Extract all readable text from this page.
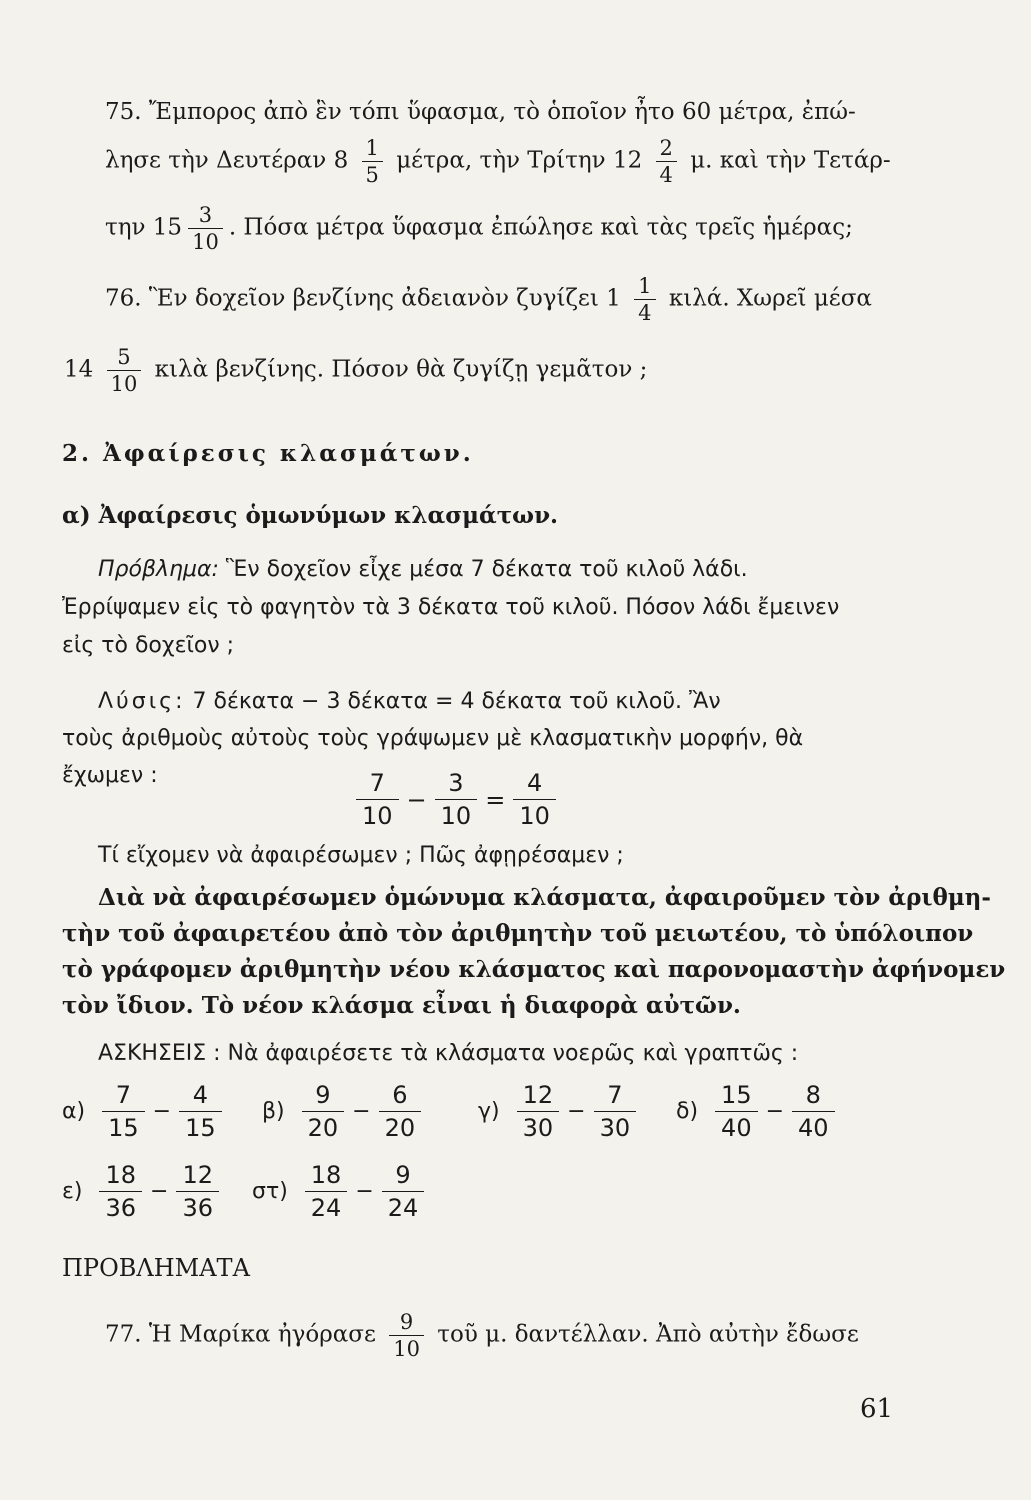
75. Ἔμπορος ἀπὸ ἓν τόπι ὕφασμα, τὸ ὁποῖον ἦτο 60 μέτρα, ἐπώ-
λησε τὴν Δευτέραν $8 \frac{1}{5} \mu έ\tau\rho\alpha$, τὴν Τρίτην $12 \frac{2}{4} \mu$. καὶ τὴν Τετάρ-
την $15 \frac{3}{10}$ . Πόσα μέτρα ὕφασμα ἐπώλησε καὶ τὰς τρεῖς ἡμέρας;
76. Ἓν δοχεῖον βενζίνης ἀδειανὸν ζυγίζει $1 \frac{1}{4} \kappa\iota\lambda ά$. Χωρεῖ μέσα
$14 \frac{5}{10}$ κιλὰ βενζίνης. Πόσον θὰ ζυγίζῃ γεμᾶτον ;
2. Ἀφαίρεσις κλασμάτων.
α) Ἀφαίρεσις ὁμωνύμων κλασμάτων.
Πρόβλημα: Ἓν δοχεῖον εἶχε μέσα 7 δέκατα τοῦ κιλοῦ λάδι.
Ἐρρίψαμεν εἰς τὸ φαγητὸν τὰ 3 δέκατα τοῦ κιλοῦ. Πόσον λάδι ἔμεινεν
εἰς τὸ δοχεῖον ;
Λύσις: 7 δέκατα − 3 δέκατα = 4 δέκατα τοῦ κιλοῦ. Ἂν
τοὺς ἀριθμοὺς αὐτοὺς τοὺς γράψωμεν μὲ κλασματικὴν μορφήν, θὰ
ἔχωμεν :	$\frac{7}{10} - \frac{3}{10} = \frac{4}{10}$
Τί εἴχομεν νὰ ἀφαιρέσωμεν ; Πῶς ἀφῃρέσαμεν ;
Διὰ νὰ ἀφαιρέσωμεν ὁμώνυμα κλάσματα, ἀφαιροῦμεν τὸν ἀριθμη-
τὴν τοῦ ἀφαιρετέου ἀπὸ τὸν ἀριθμητὴν τοῦ μειωτέου, τὸ ὑπόλοιπον
τὸ γράφομεν ἀριθμητὴν νέου κλάσματος καὶ παρονομαστὴν ἀφήνομεν
τὸν ἴδιον. Τὸ νέον κλάσμα εἶναι ἡ διαφορὰ αὐτῶν.
ΑΣΚΗΣΕΙΣ : Νὰ ἀφαιρέσετε τὰ κλάσματα νοερῶς καὶ γραπτῶς :
$\alpha) \frac{7}{15} - \frac{4}{15} \beta) \frac{9}{20} - \frac{6}{20}$	$\gamma) \frac{12}{30} - \frac{7}{30} \delta) \frac{15}{40} - \frac{8}{40}$
$\varepsilon) \frac{18}{36} - \frac{12}{36} \sigma\tau) \frac{18}{24} - \frac{9}{24}$
ΠΡΟΒΛΗΜΑΤΑ
77. Ἡ Μαρίκα ἠγόρασε $\frac{9}{10}$ τοῦ μ. δαντέλλαν. Ἀπὸ αὐτὴν ἔδωσε
61
